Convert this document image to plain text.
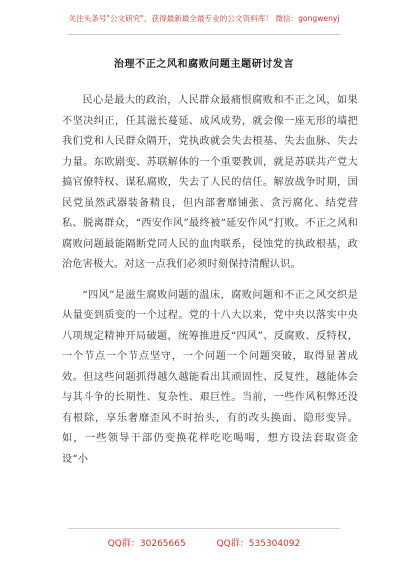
关注头条号"公文研究"，获得最新最全最专业的公文资料库！ 微信：gongwenyj
治理不正之风和腐败问题主题研讨发言

民心是最大的政治，人民群众最痛恨腐败和不正之风，如果不坚决纠正，任其滋长蔓延、成风成势，就会像一座无形的墙把我们党和人民群众隔开，党执政就会失去根基、失去血脉、失去力量。东欧剧变、苏联解体的一个重要教训，就是苏联共产党大搞官僚特权、谋私腐败，失去了人民的信任。解放战争时期，国民党虽然武器装备精良，但内部奢靡铺张、贪污腐化、结党营私、脱离群众，“西安作风”最终被“延安作风”打败。不正之风和腐败问题最能隔断党同人民的血肉联系，侵蚀党的执政根基，政治危害极大。对这一点我们必须时刻保持清醒认识。

“四风”是滋生腐败问题的温床，腐败问题和不正之风交织是从量变到质变的一个过程。党的十八大以来，党中央以落实中央八项规定精神开局破题，统筹推进反“四风”、反腐败、反特权，一个节点一个节点坚守，一个问题一个问题突破，取得显著成效。但这些问题抓得越久越能看出其顽固性、反复性，越能体会与其斗争的长期性、复杂性、艰巨性。当前，一些作风积弊还没有根除，享乐奢靡歪风不时抬头，有的改头换面、隐形变异。如，一些领导干部仍变换花样吃吃喝喝，想方设法套取资金设“小

QQ群：30265665	QQ群：535304092
